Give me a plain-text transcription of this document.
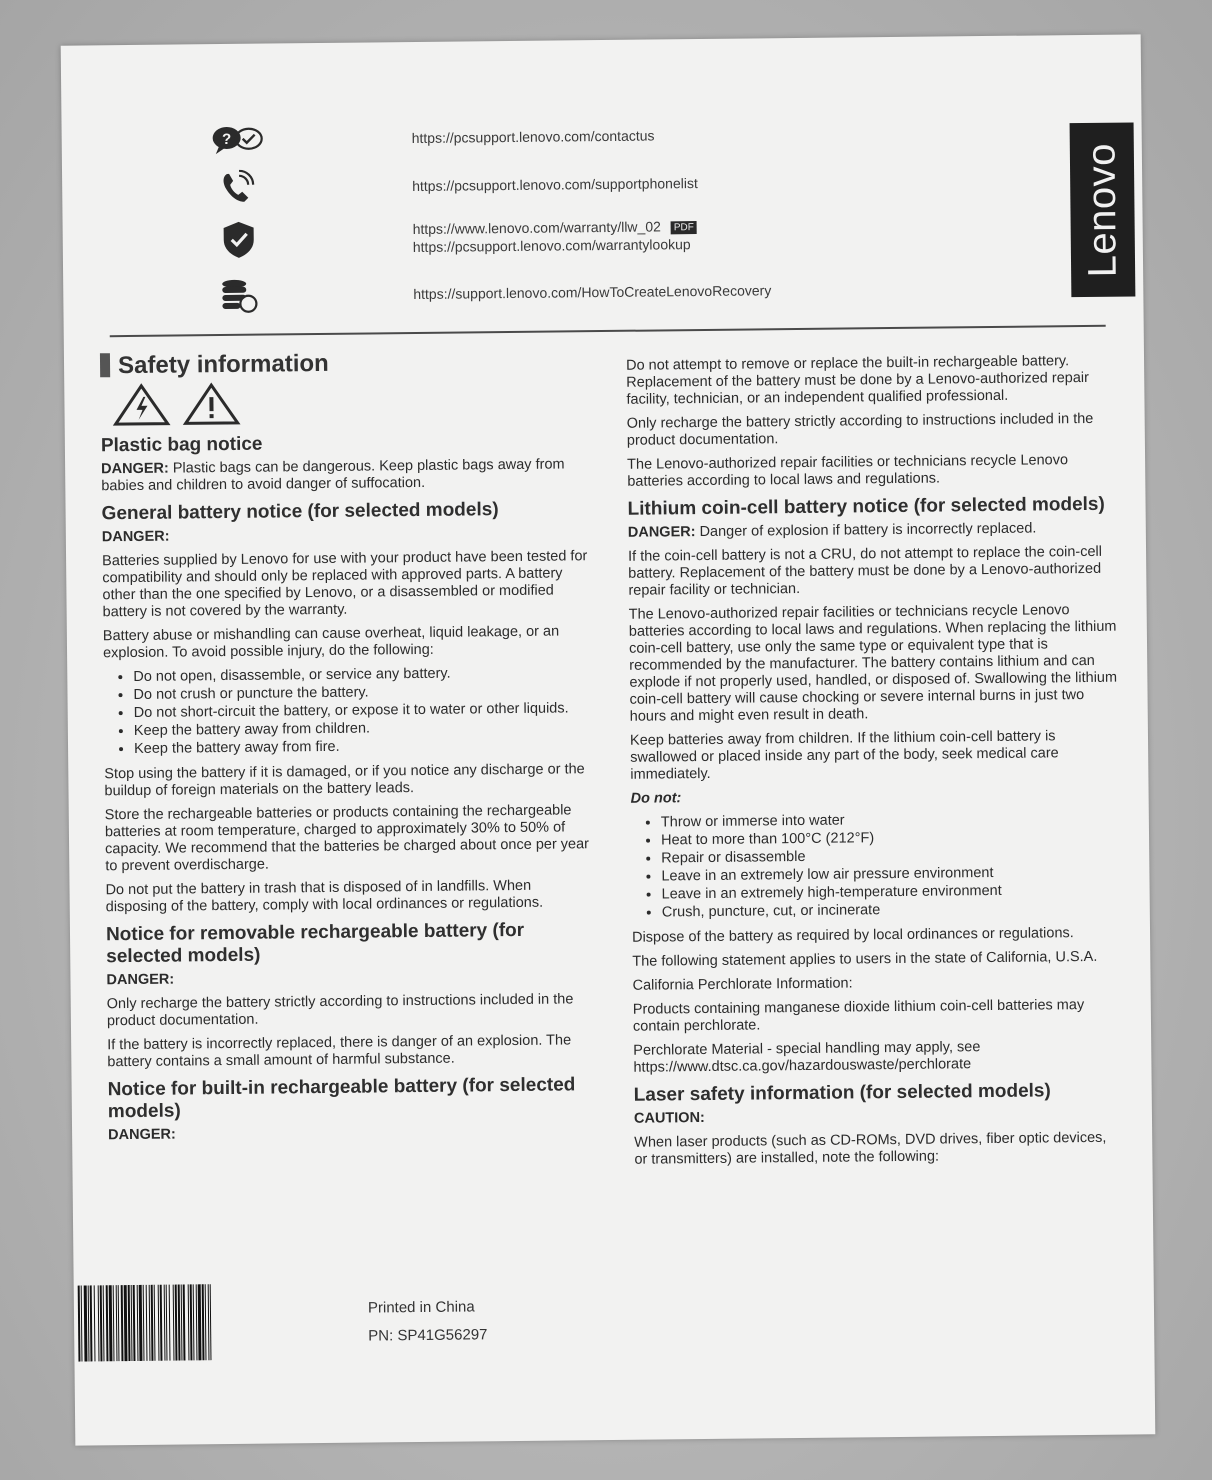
Lenovo
?	https://pcsupport.lenovo.com/contactus
https://pcsupport.lenovo.com/supportphonelist
https://www.lenovo.com/warranty/llw_02 PDF
https://pcsupport.lenovo.com/warrantylookup
https://support.lenovo.com/HowToCreateLenovoRecovery
Safety information
Plastic bag notice

DANGER: Plastic bags can be dangerous. Keep plastic bags away from babies and children to avoid danger of suffocation.

General battery notice (for selected models)

DANGER:

Batteries supplied by Lenovo for use with your product have been tested for compatibility and should only be replaced with approved parts. A battery other than the one specified by Lenovo, or a disassembled or modified battery is not covered by the warranty.

Battery abuse or mishandling can cause overheat, liquid leakage, or an explosion. To avoid possible injury, do the following:

• Do not open, disassemble, or service any battery.
• Do not crush or puncture the battery.
• Do not short-circuit the battery, or expose it to water or other liquids.
• Keep the battery away from children.
• Keep the battery away from fire.

Stop using the battery if it is damaged, or if you notice any discharge or the buildup of foreign materials on the battery leads.

Store the rechargeable batteries or products containing the rechargeable batteries at room temperature, charged to approximately 30% to 50% of capacity. We recommend that the batteries be charged about once per year to prevent overdischarge.

Do not put the battery in trash that is disposed of in landfills. When disposing of the battery, comply with local ordinances or regulations.

Notice for removable rechargeable battery (for selected models)

DANGER:

Only recharge the battery strictly according to instructions included in the product documentation.

If the battery is incorrectly replaced, there is danger of an explosion. The battery contains a small amount of harmful substance.

Notice for built-in rechargeable battery (for selected models)

DANGER:

Do not attempt to remove or replace the built-in rechargeable battery. Replacement of the battery must be done by a Lenovo-authorized repair facility, technician, or an independent qualified professional.

Only recharge the battery strictly according to instructions included in the product documentation.

The Lenovo-authorized repair facilities or technicians recycle Lenovo batteries according to local laws and regulations.

Lithium coin-cell battery notice (for selected models)

DANGER: Danger of explosion if battery is incorrectly replaced.

If the coin-cell battery is not a CRU, do not attempt to replace the coin-cell battery. Replacement of the battery must be done by a Lenovo-authorized repair facility or technician.

The Lenovo-authorized repair facilities or technicians recycle Lenovo batteries according to local laws and regulations. When replacing the lithium coin-cell battery, use only the same type or equivalent type that is recommended by the manufacturer. The battery contains lithium and can explode if not properly used, handled, or disposed of. Swallowing the lithium coin-cell battery will cause chocking or severe internal burns in just two hours and might even result in death.

Keep batteries away from children. If the lithium coin-cell battery is swallowed or placed inside any part of the body, seek medical care immediately.

Do not:

• Throw or immerse into water
• Heat to more than 100°C (212°F)
• Repair or disassemble
• Leave in an extremely low air pressure environment
• Leave in an extremely high-temperature environment
• Crush, puncture, cut, or incinerate

Dispose of the battery as required by local ordinances or regulations.

The following statement applies to users in the state of California, U.S.A.

California Perchlorate Information:

Products containing manganese dioxide lithium coin-cell batteries may contain perchlorate.

Perchlorate Material - special handling may apply, see https://www.dtsc.ca.gov/hazardouswaste/perchlorate

Laser safety information (for selected models)

CAUTION:

When laser products (such as CD-ROMs, DVD drives, fiber optic devices, or transmitters) are installed, note the following:

Printed in China
PN: SP41G56297
